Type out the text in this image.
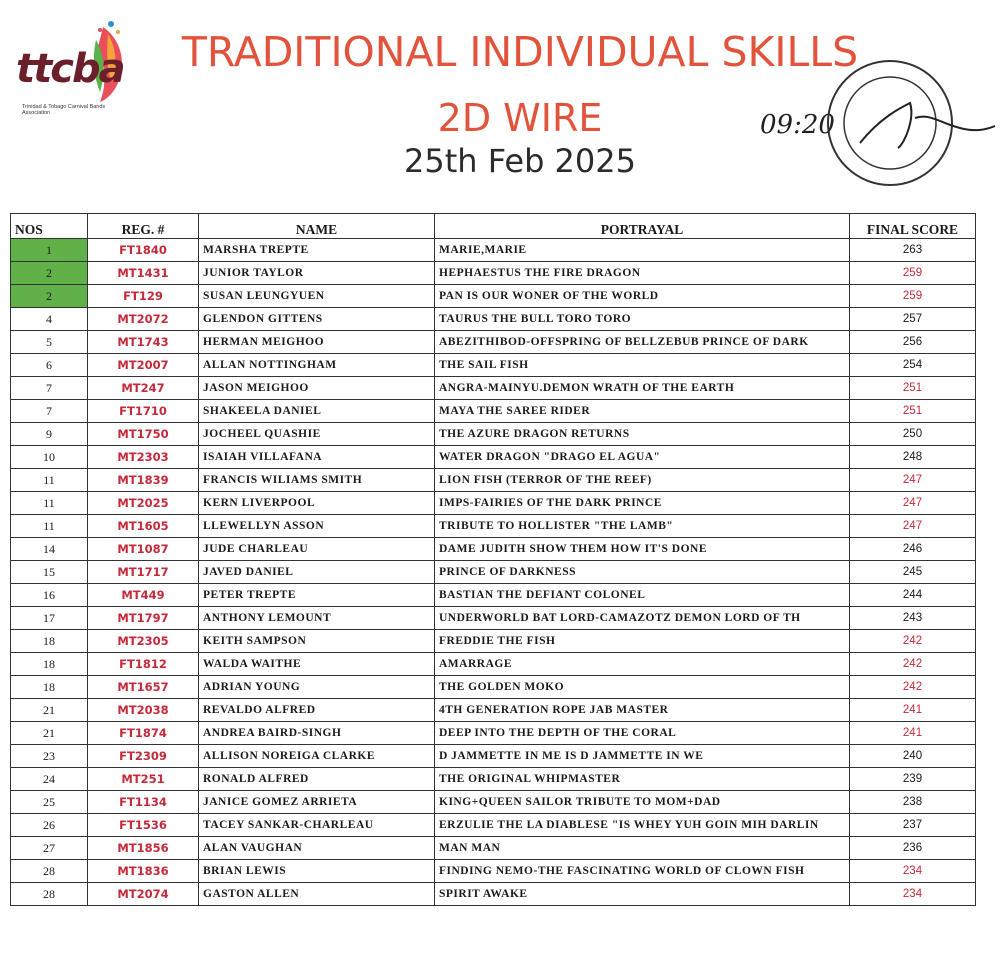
ttcba
Trinidad & Tobago Carnival Bands Association
TRADITIONAL INDIVIDUAL SKILLS
2D WIRE
25th Feb 2025
09:20
NOS	REG. #	NAME	PORTRAYAL	FINAL SCORE
1	FT1840	MARSHA TREPTE	MARIE,MARIE	263
2	MT1431	JUNIOR TAYLOR	HEPHAESTUS THE FIRE DRAGON	259
2	FT129	SUSAN LEUNGYUEN	PAN IS OUR WONER OF THE WORLD	259
4	MT2072	GLENDON GITTENS	TAURUS THE BULL TORO TORO	257
5	MT1743	HERMAN MEIGHOO	ABEZITHIBOD-OFFSPRING OF BELLZEBUB PRINCE OF DARK	256
6	MT2007	ALLAN NOTTINGHAM	THE SAIL FISH	254
7	MT247	JASON MEIGHOO	ANGRA-MAINYU.DEMON WRATH OF THE EARTH	251
7	FT1710	SHAKEELA DANIEL	MAYA THE SAREE RIDER	251
9	MT1750	JOCHEEL QUASHIE	THE AZURE DRAGON RETURNS	250
10	MT2303	ISAIAH VILLAFANA	WATER DRAGON "DRAGO EL AGUA"	248
11	MT1839	FRANCIS WILIAMS SMITH	LION FISH (TERROR OF THE REEF)	247
11	MT2025	KERN LIVERPOOL	IMPS-FAIRIES OF THE DARK PRINCE	247
11	MT1605	LLEWELLYN ASSON	TRIBUTE TO HOLLISTER "THE LAMB"	247
14	MT1087	JUDE CHARLEAU	DAME JUDITH SHOW THEM HOW IT'S DONE	246
15	MT1717	JAVED DANIEL	PRINCE OF DARKNESS	245
16	MT449	PETER TREPTE	BASTIAN THE DEFIANT COLONEL	244
17	MT1797	ANTHONY LEMOUNT	UNDERWORLD BAT LORD-CAMAZOTZ DEMON LORD OF TH	243
18	MT2305	KEITH SAMPSON	FREDDIE THE FISH	242
18	FT1812	WALDA WAITHE	AMARRAGE	242
18	MT1657	ADRIAN YOUNG	THE GOLDEN MOKO	242
21	MT2038	REVALDO ALFRED	4TH GENERATION ROPE JAB MASTER	241
21	FT1874	ANDREA BAIRD-SINGH	DEEP INTO THE DEPTH OF THE CORAL	241
23	FT2309	ALLISON NOREIGA CLARKE	D JAMMETTE IN ME IS D JAMMETTE IN WE	240
24	MT251	RONALD ALFRED	THE ORIGINAL WHIPMASTER	239
25	FT1134	JANICE GOMEZ ARRIETA	KING+QUEEN SAILOR TRIBUTE TO MOM+DAD	238
26	FT1536	TACEY SANKAR-CHARLEAU	ERZULIE THE LA DIABLESE "IS WHEY YUH GOIN MIH DARLIN	237
27	MT1856	ALAN VAUGHAN	MAN MAN	236
28	MT1836	BRIAN LEWIS	FINDING NEMO-THE FASCINATING WORLD OF CLOWN FISH	234
28	MT2074	GASTON ALLEN	SPIRIT AWAKE	234
